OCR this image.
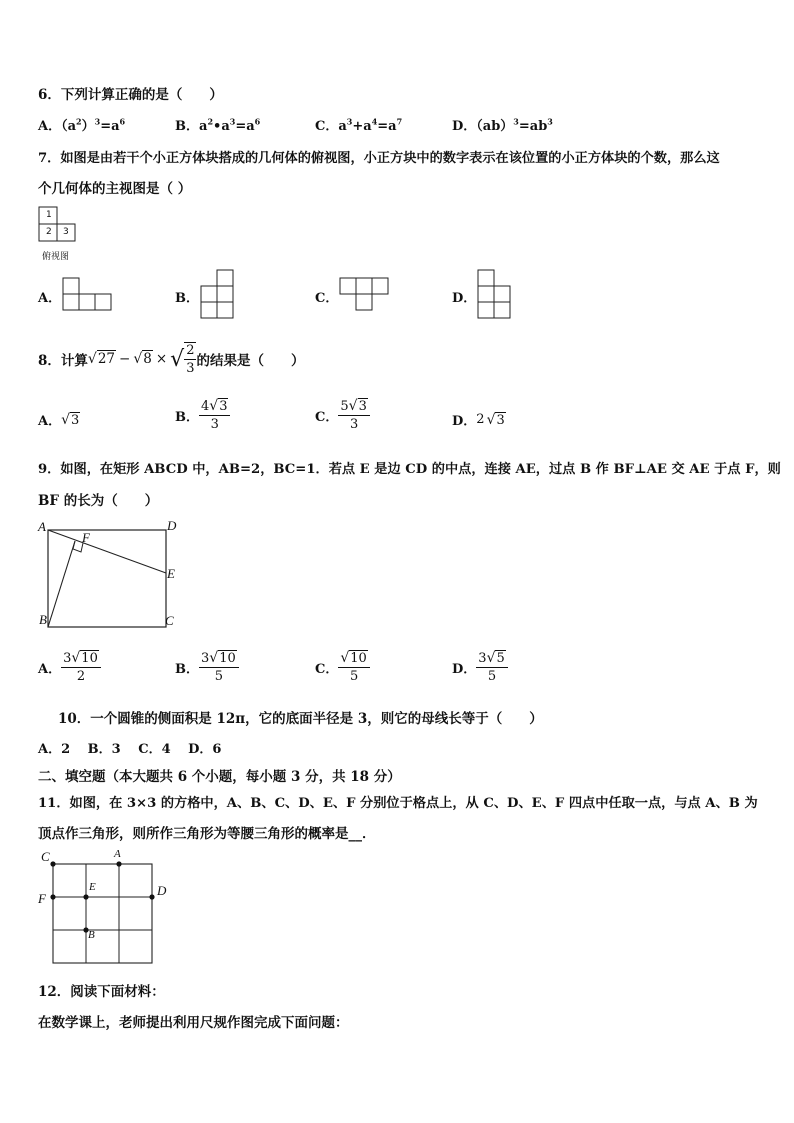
6．下列计算正确的是（　　）
A．$(a^2)^3=a^6$	B．$a^2•a^3=a^6$	C．$a^3+a^4=a^7$	D．$(ab)^3=ab^3$
7．如图是由若干个小正方体块搭成的几何体的俯视图，小正方块中的数字表示在该位置的小正方体块的个数，那么这
个几何体的主视图是（ ）
1
2 3
俯视图
A．	B．	C．	D．
8．计算 √27 − √8 × √ $\frac{2}{3}$ 的结果是（　　）
A． √3	B． $\frac{4√3}{3}$	C． $\frac{5√3}{3}$	D． 2 √3
9．如图，在矩形 ABCD 中，AB=2，BC=1．若点 E 是边 CD 的中点，连接 AE，过点 B 作 BF⊥AE 交 AE 于点 F，则
BF 的长为（　　）
A
F
D
E
B	C
A． $\frac{3√10}{2}$	B． $\frac{3√10}{5}$	C． $\frac{√10}{5}$	D． $\frac{3√5}{5}$
10．一个圆锥的侧面积是 12π，它的底面半径是 3，则它的母线长等于（　　）
A．2　 B．3　 C．4　 D．6
二、填空题（本大题共 6 个小题，每小题 3 分，共 18 分）
11．如图，在 3×3 的方格中，A、B、C、D、E、F 分别位于格点上，从 C、D、E、F 四点中任取一点，与点 A、B 为
顶点作三角形，则所作三角形为等腰三角形的概率是__．
C	A
D
E
F
B
12．阅读下面材料：
在数学课上，老师提出利用尺规作图完成下面问题：
